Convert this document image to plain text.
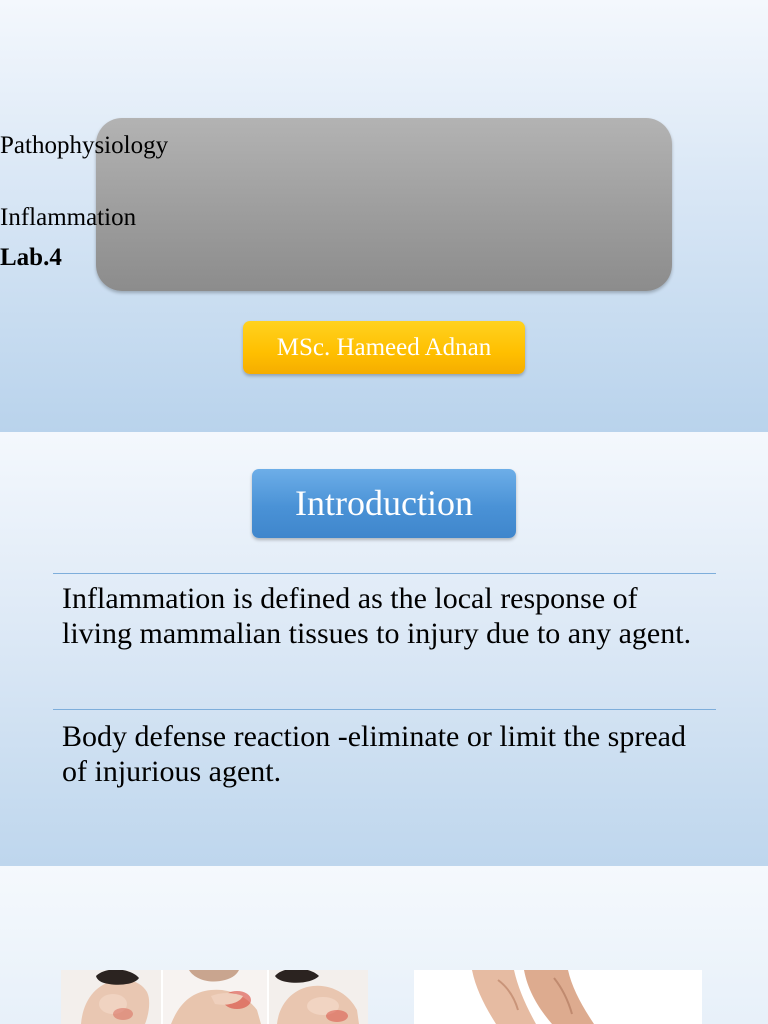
Pathophysiology
Inflammation
Lab.4
MSc. Hameed Adnan
Introduction
Inflammation is defined as the local response of living mammalian tissues to injury due to any agent.
Body defense reaction -eliminate or limit the spread of injurious agent.
